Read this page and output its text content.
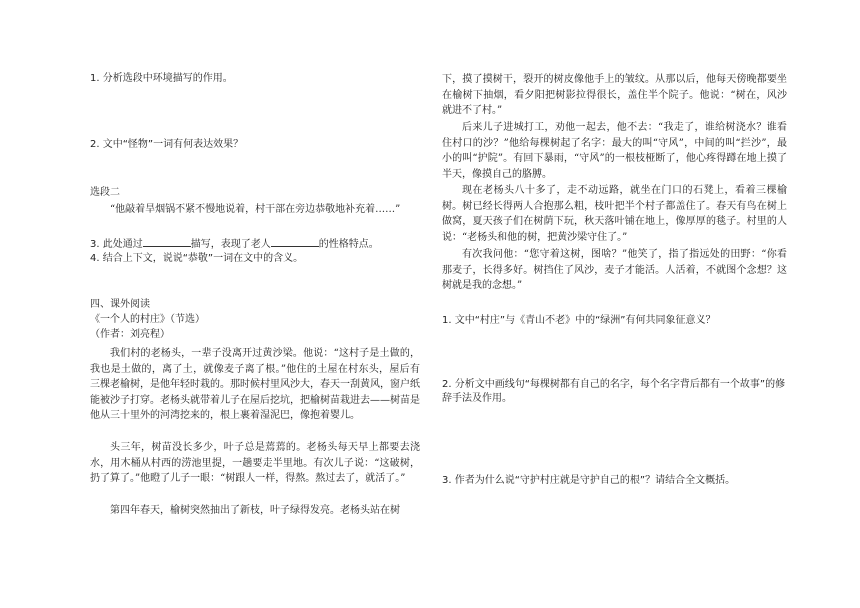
1. 分析选段中环境描写的作用。
2. 文中“怪物”一词有何表达效果？
选段二
“他敲着旱烟锅不紧不慢地说着，村干部在旁边恭敬地补充着……”
3. 此处通过	描写，表现了老人	的性格特点。
4. 结合上下文，说说“恭敬”一词在文中的含义。
四、课外阅读
《一个人的村庄》（节选）
（作者：刘亮程）
我们村的老杨头，一辈子没离开过黄沙梁。他说：“这村子是土做的，我也是土做的，离了土，就像麦子离了根。”他住的土屋在村东头，屋后有三棵老榆树，是他年轻时栽的。那时候村里风沙大，春天一刮黄风，窗户纸能被沙子打穿。老杨头就带着儿子在屋后挖坑，把榆树苗栽进去——树苗是他从三十里外的河湾挖来的，根上裹着湿泥巴，像抱着婴儿。
头三年，树苗没长多少，叶子总是蔫蔫的。老杨头每天早上都要去浇水，用木桶从村西的涝池里提，一趟要走半里地。有次儿子说：“这破树，扔了算了。”他瞪了儿子一眼：“树跟人一样，得熬。熬过去了，就活了。”
第四年春天，榆树突然抽出了新枝，叶子绿得发亮。老杨头站在树
下，摸了摸树干，裂开的树皮像他手上的皱纹。从那以后，他每天傍晚都要坐在榆树下抽烟，看夕阳把树影拉得很长，盖住半个院子。他说：“树在，风沙就进不了村。”
后来儿子进城打工，劝他一起去，他不去：“我走了，谁给树浇水？谁看住村口的沙？”他给每棵树起了名字：最大的叫“守风”，中间的叫“拦沙”，最小的叫“护院”。有回下暴雨，“守风”的一根枝桠断了，他心疼得蹲在地上摸了半天，像摸自己的胳膊。
现在老杨头八十多了，走不动远路，就坐在门口的石凳上，看着三棵榆树。树已经长得两人合抱那么粗，枝叶把半个村子都盖住了。春天有鸟在树上做窝，夏天孩子们在树荫下玩，秋天落叶铺在地上，像厚厚的毯子。村里的人说：“老杨头和他的树，把黄沙梁守住了。”
有次我问他：“您守着这树，图啥？”他笑了，指了指远处的田野：“你看那麦子，长得多好。树挡住了风沙，麦子才能活。人活着，不就图个念想？这树就是我的念想。”
1. 文中“村庄”与《青山不老》中的“绿洲”有何共同象征意义？
2. 分析文中画线句“每棵树都有自己的名字，每个名字背后都有一个故事”的修辞手法及作用。
3. 作者为什么说“守护村庄就是守护自己的根”？请结合全文概括。
